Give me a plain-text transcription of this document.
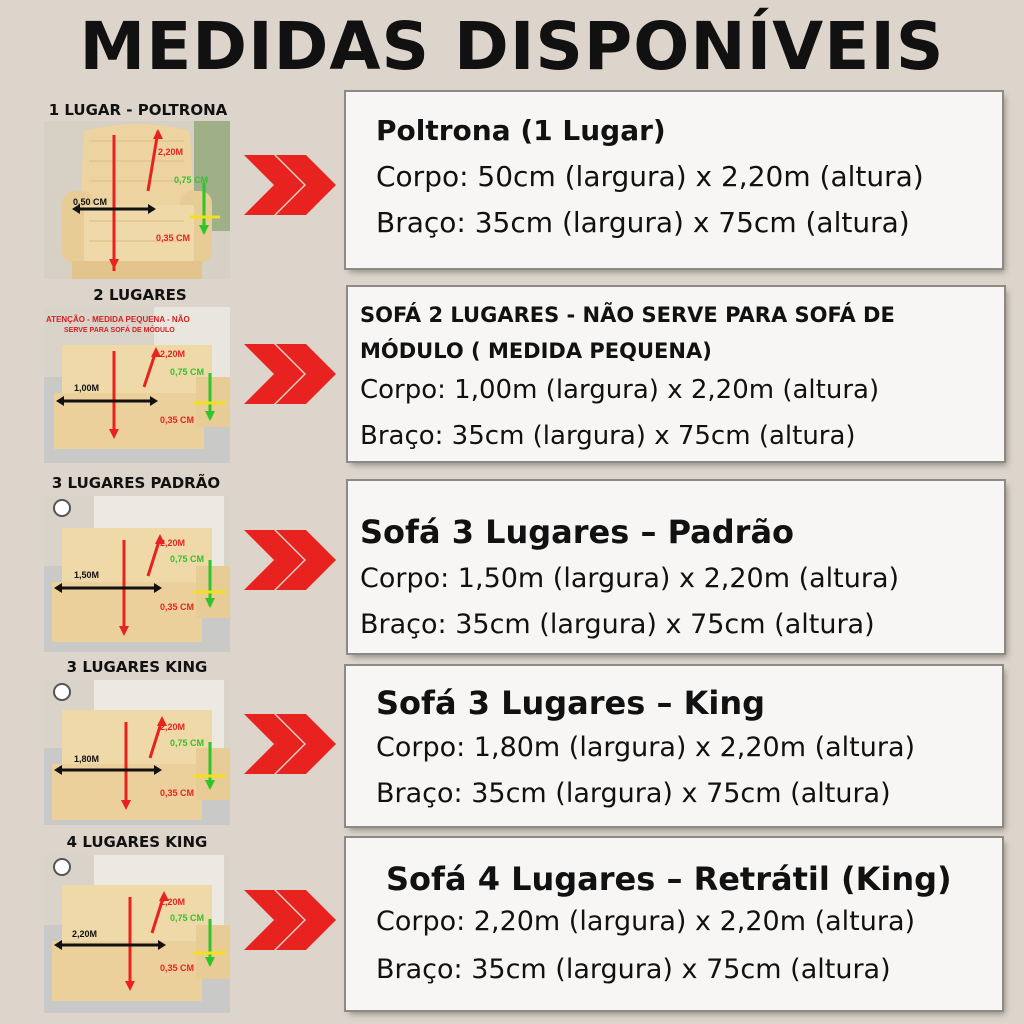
MEDIDAS DISPONÍVEIS
1 LUGAR - POLTRONA
0,50 CM
2,20M
0,75 CM
0,35 CM
Poltrona (1 Lugar)
Corpo: 50cm (largura) x 2,20m (altura)
Braço: 35cm (largura) x 75cm (altura)
2 LUGARES
ATENÇÃO - MEDIDA PEQUENA - NÃO
SERVE PARA SOFÁ DE MÓDULO
1,00M
2,20M
0,75 CM
0,35 CM
SOFÁ 2 LUGARES - NÃO SERVE PARA SOFÁ DE
MÓDULO ( MEDIDA PEQUENA)
Corpo: 1,00m (largura) x 2,20m (altura)
Braço: 35cm (largura) x 75cm (altura)
3 LUGARES PADRÃO
1,50M
2,20M
0,75 CM
0,35 CM
Sofá 3 Lugares – Padrão
Corpo: 1,50m (largura) x 2,20m (altura)
Braço: 35cm (largura) x 75cm (altura)
3 LUGARES KING
1,80M
2,20M
0,75 CM
0,35 CM
Sofá 3 Lugares – King
Corpo: 1,80m (largura) x 2,20m (altura)
Braço: 35cm (largura) x 75cm (altura)
4 LUGARES KING
2,20M
2,20M
0,75 CM
0,35 CM
Sofá 4 Lugares – Retrátil (King)
Corpo: 2,20m (largura) x 2,20m (altura)
Braço: 35cm (largura) x 75cm (altura)
